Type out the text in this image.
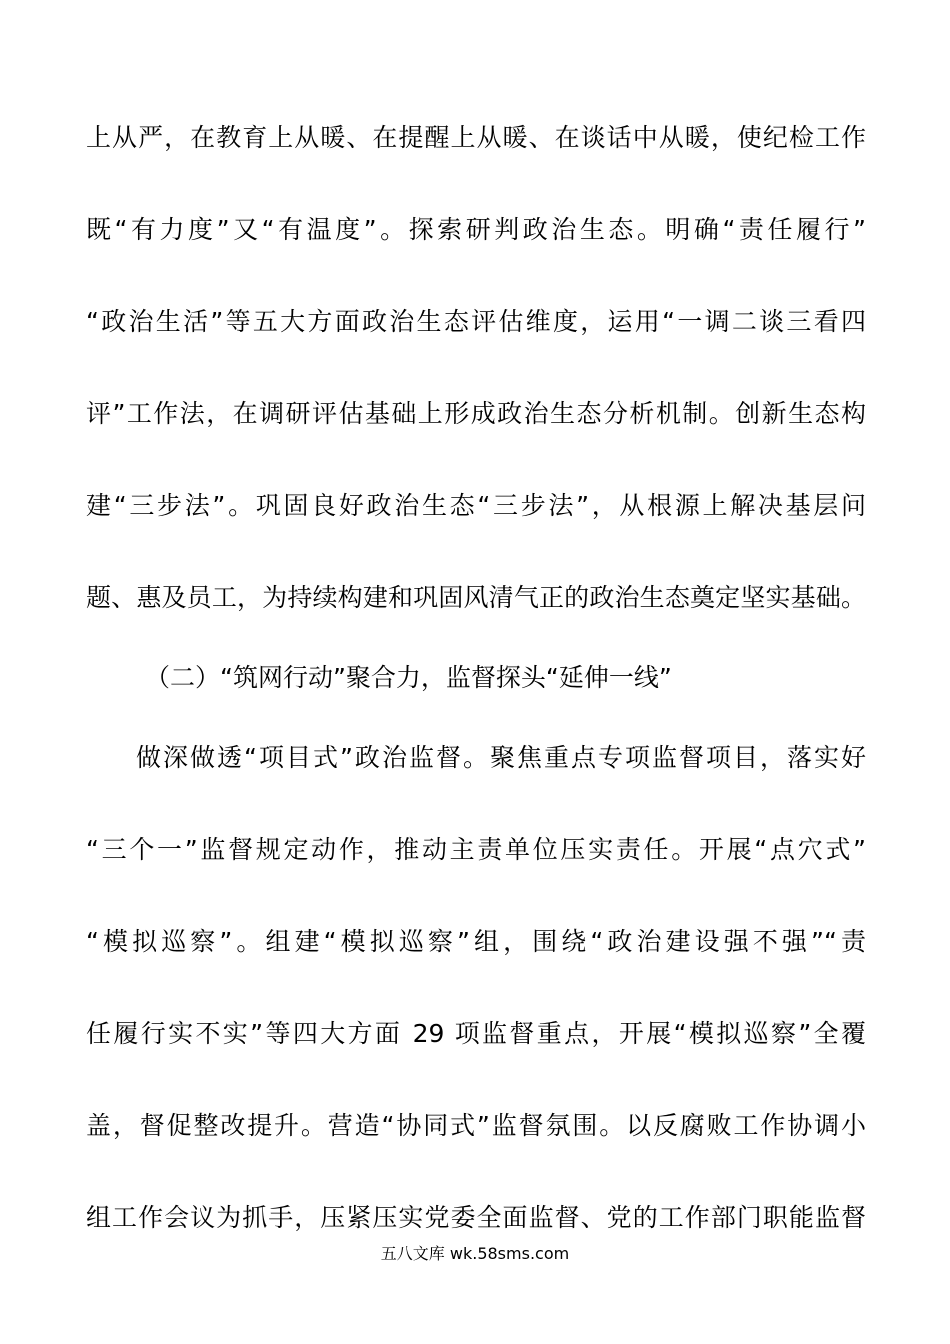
上从严，在教育上从暖、在提醒上从暖、在谈话中从暖，使纪检工作
既“有力度”又“有温度”。探索研判政治生态。明确“责任履行”
“政治生活”等五大方面政治生态评估维度，运用“一调二谈三看四
评”工作法，在调研评估基础上形成政治生态分析机制。创新生态构
建“三步法”。巩固良好政治生态“三步法”，从根源上解决基层问
题、惠及员工，为持续构建和巩固风清气正的政治生态奠定坚实基础。
（二）“筑网行动”聚合力，监督探头“延伸一线”
做深做透“项目式”政治监督。聚焦重点专项监督项目，落实好
“三个一”监督规定动作，推动主责单位压实责任。开展“点穴式”
“模拟巡察”。组建“模拟巡察”组，围绕“政治建设强不强”“责
任履行实不实”等四大方面 29 项监督重点，开展“模拟巡察”全覆
盖，督促整改提升。营造“协同式”监督氛围。以反腐败工作协调小
组工作会议为抓手，压紧压实党委全面监督、党的工作部门职能监督
五八文库 wk.58sms.com
